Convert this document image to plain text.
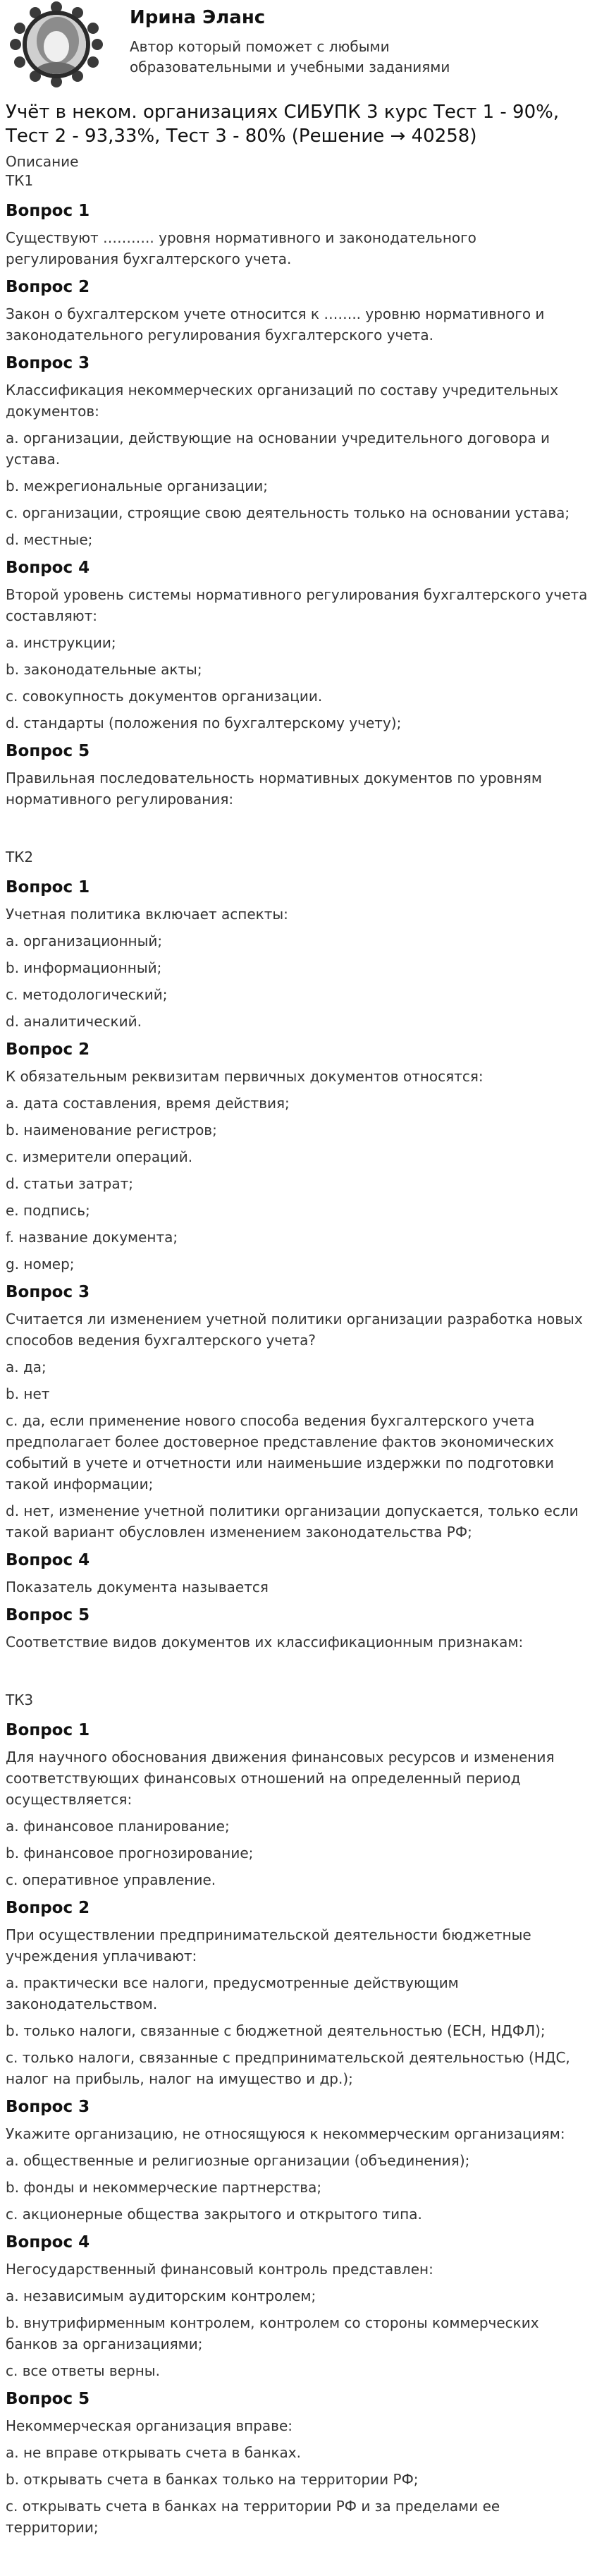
Ирина Эланс
Автор который поможет с любыми образовательными и учебными заданиями
Учёт в неком. организациях СИБУПК 3 курс Тест 1 - 90%, Тест 2 - 93,33%, Тест 3 - 80% (Решение → 40258)
Описание
ТК1
Вопрос 1
Существуют ……….. уровня нормативного и законодательного регулирования бухгалтерского учета.
Вопрос 2
Закон о бухгалтерском учете относится к …….. уровню нормативного и законодательного регулирования бухгалтерского учета.
Вопрос 3
Классификация некоммерческих организаций по составу учредительных документов:
a. организации, действующие на основании учредительного договора и устава.
b. межрегиональные организации;
c. организации, строящие свою деятельность только на основании устава;
d. местные;
Вопрос 4
Второй уровень системы нормативного регулирования бухгалтерского учета составляют:
a. инструкции;
b. законодательные акты;
c. совокупность документов организации.
d. стандарты (положения по бухгалтерскому учету);
Вопрос 5
Правильная последовательность нормативных документов по уровням нормативного регулирования:
ТК2
Вопрос 1
Учетная политика включает аспекты:
a. организационный;
b. информационный;
c. методологический;
d. аналитический.
Вопрос 2
К обязательным реквизитам первичных документов относятся:
a. дата составления, время действия;
b. наименование регистров;
c. измерители операций.
d. статьи затрат;
e. подпись;
f. название документа;
g. номер;
Вопрос 3
Считается ли изменением учетной политики организации разработка новых способов ведения бухгалтерского учета?
a. да;
b. нет
c. да, если применение нового способа ведения бухгалтерского учета предполагает более достоверное представление фактов экономических событий в учете и отчетности или наименьшие издержки по подготовки такой информации;
d. нет, изменение учетной политики организации допускается, только если такой вариант обусловлен изменением законодательства РФ;
Вопрос 4
Показатель документа называется
Вопрос 5
Соответствие видов документов их классификационным признакам:
ТК3
Вопрос 1
Для научного обоснования движения финансовых ресурсов и изменения соответствующих финансовых отношений на определенный период осуществляется:
a. финансовое планирование;
b. финансовое прогнозирование;
c. оперативное управление.
Вопрос 2
При осуществлении предпринимательской деятельности бюджетные учреждения уплачивают:
a. практически все налоги, предусмотренные действующим законодательством.
b. только налоги, связанные с бюджетной деятельностью (ЕСН, НДФЛ);
c. только налоги, связанные с предпринимательской деятельностью (НДС, налог на прибыль, налог на имущество и др.);
Вопрос 3
Укажите организацию, не относящуюся к некоммерческим организациям:
a. общественные и религиозные организации (объединения);
b. фонды и некоммерческие партнерства;
c. акционерные общества закрытого и открытого типа.
Вопрос 4
Негосударственный финансовый контроль представлен:
a. независимым аудиторским контролем;
b. внутрифирменным контролем, контролем со стороны коммерческих банков за организациями;
c. все ответы верны.
Вопрос 5
Некоммерческая организация вправе:
a. не вправе открывать счета в банках.
b. открывать счета в банках только на территории РФ;
c. открывать счета в банках на территории РФ и за пределами ее территории;
